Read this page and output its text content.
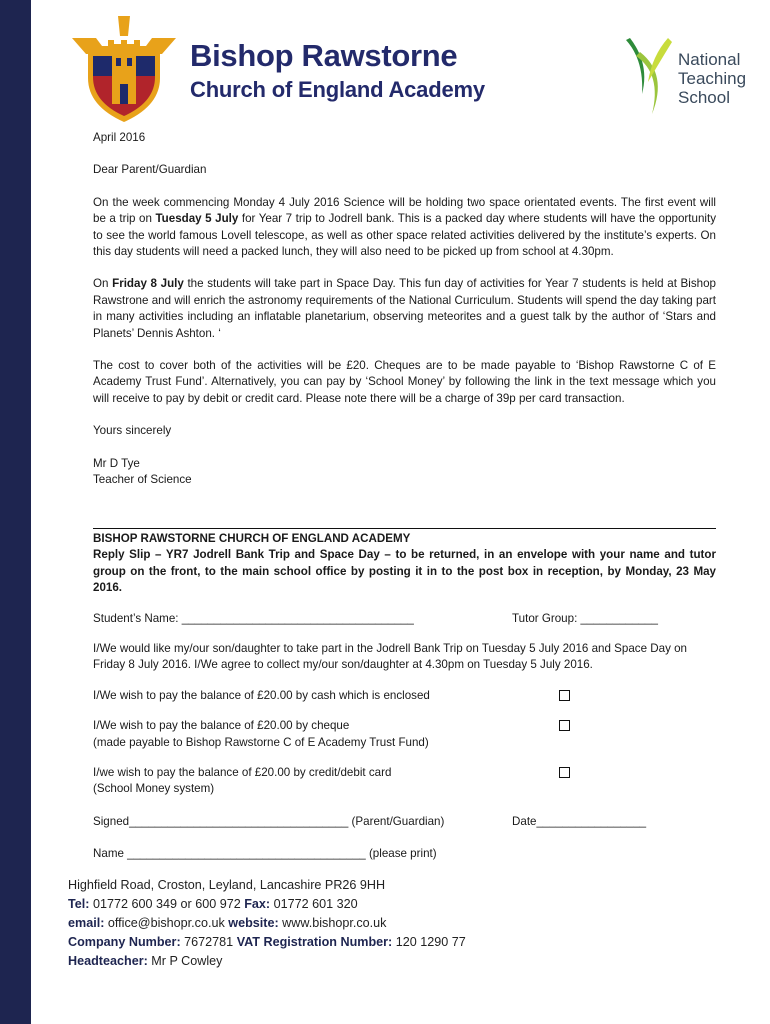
Bishop Rawstorne
Church of England Academy
National
Teaching
School

April 2016

Dear Parent/Guardian

On the week commencing Monday 4 July 2016 Science will be holding two space orientated events. The first event will be a trip on Tuesday 5 July for Year 7 trip to Jodrell bank. This is a packed day where students will have the opportunity to see the world famous Lovell telescope, as well as other space related activities delivered by the institute’s experts. On this day students will need a packed lunch, they will also need to be picked up from school at 4.30pm.

On Friday 8 July the students will take part in Space Day. This fun day of activities for Year 7 students is held at Bishop Rawstrone and will enrich the astronomy requirements of the National Curriculum. Students will spend the day taking part in many activities including an inflatable planetarium, observing meteorites and a guest talk by the author of ‘Stars and Planets’ Dennis Ashton. ‘

The cost to cover both of the activities will be £20. Cheques are to be made payable to ‘Bishop Rawstorne C of E Academy Trust Fund’. Alternatively, you can pay by ‘School Money’ by following the link in the text message which you will receive to pay by debit or credit card. Please note there will be a charge of 39p per card transaction.

Yours sincerely

Mr D Tye

Teacher of Science

BISHOP RAWSTORNE CHURCH OF ENGLAND ACADEMY

Reply Slip – YR7 Jodrell Bank Trip and Space Day – to be returned, in an envelope with your name and tutor group on the front, to the main school office by posting it in to the post box in reception, by Monday, 23 May 2016.

Student’s Name: ____________________________________	Tutor Group: ____________

I/We would like my/our son/daughter to take part in the Jodrell Bank Trip on Tuesday 5 July 2016 and Space Day on Friday 8 July 2016. I/We agree to collect my/our son/daughter at 4.30pm on Tuesday 5 July 2016.

I/We wish to pay the balance of £20.00 by cash which is enclosed

I/We wish to pay the balance of £20.00 by cheque

(made payable to Bishop Rawstorne C of E Academy Trust Fund)

I/we wish to pay the balance of £20.00 by credit/debit card

(School Money system)

Signed__________________________________ (Parent/Guardian)	Date_________________

Name _____________________________________ (please print)

Highfield Road, Croston, Leyland, Lancashire PR26 9HH
Tel: 01772 600 349 or 600 972 Fax: 01772 601 320
email: office@bishopr.co.uk website: www.bishopr.co.uk
Company Number: 7672781 VAT Registration Number: 120 1290 77
Headteacher: Mr P Cowley
